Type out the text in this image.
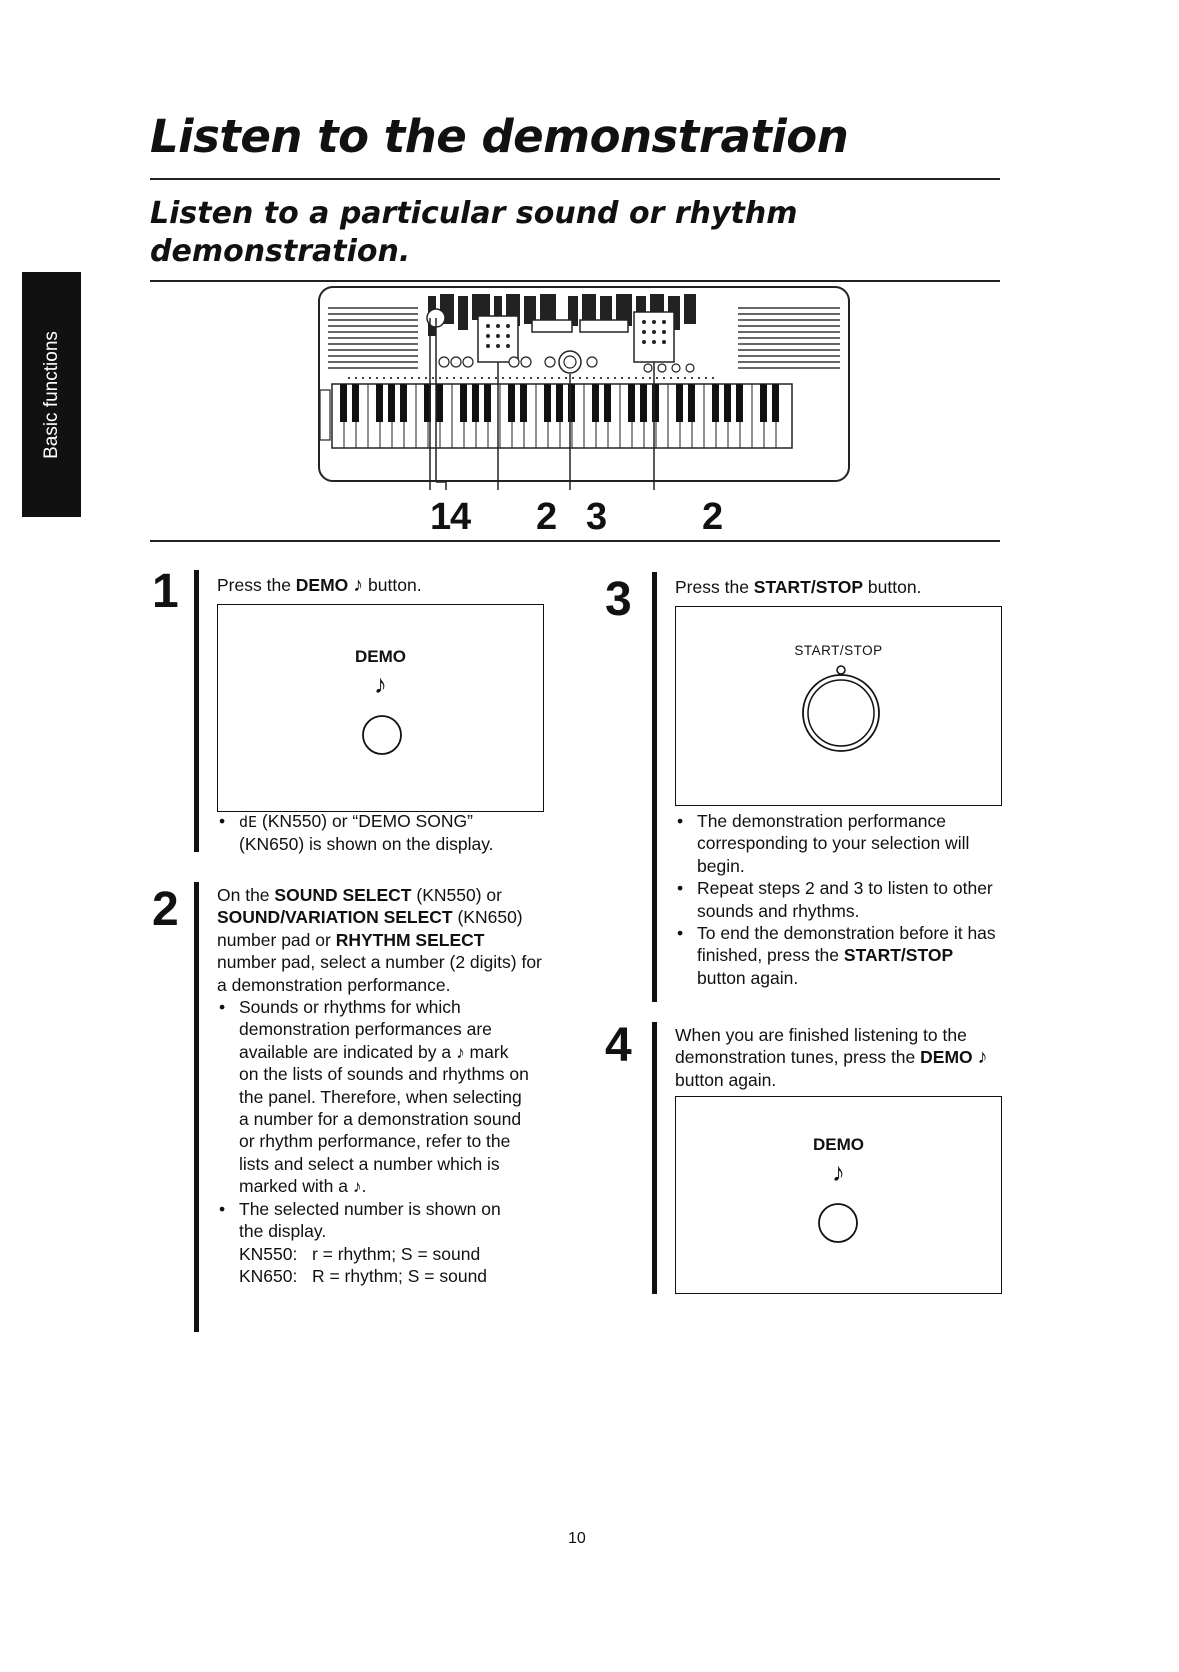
Listen to the demonstration
Listen to a particular sound or rhythm demonstration.
Basic functions
1
4 2 3 2
1 Press the DEMO ♪ button.
DEMO
♪
• dE (KN550) or “DEMO SONG” (KN650) is shown on the display.
2 On the SOUND SELECT (KN550) or SOUND/VARIATION SELECT (KN650) number pad or RHYTHM SELECT number pad, select a number (2 digits) for a demonstration performance.
• Sounds or rhythms for which demonstration performances are available are indicated by a ♪ mark on the lists of sounds and rhythms on the panel. Therefore, when selecting a number for a demonstration sound or rhythm performance, refer to the lists and select a number which is marked with a ♪.
• The selected number is shown on the display.
KN550:   r = rhythm; S = sound
KN650:   R = rhythm; S = sound
3 Press the START/STOP button.
START/STOP
• The demonstration performance corresponding to your selection will begin.
• Repeat steps 2 and 3 to listen to other sounds and rhythms.
• To end the demonstration before it has finished, press the START/STOP button again.
4 When you are finished listening to the demonstration tunes, press the DEMO ♪ button again.
DEMO
♪
10
